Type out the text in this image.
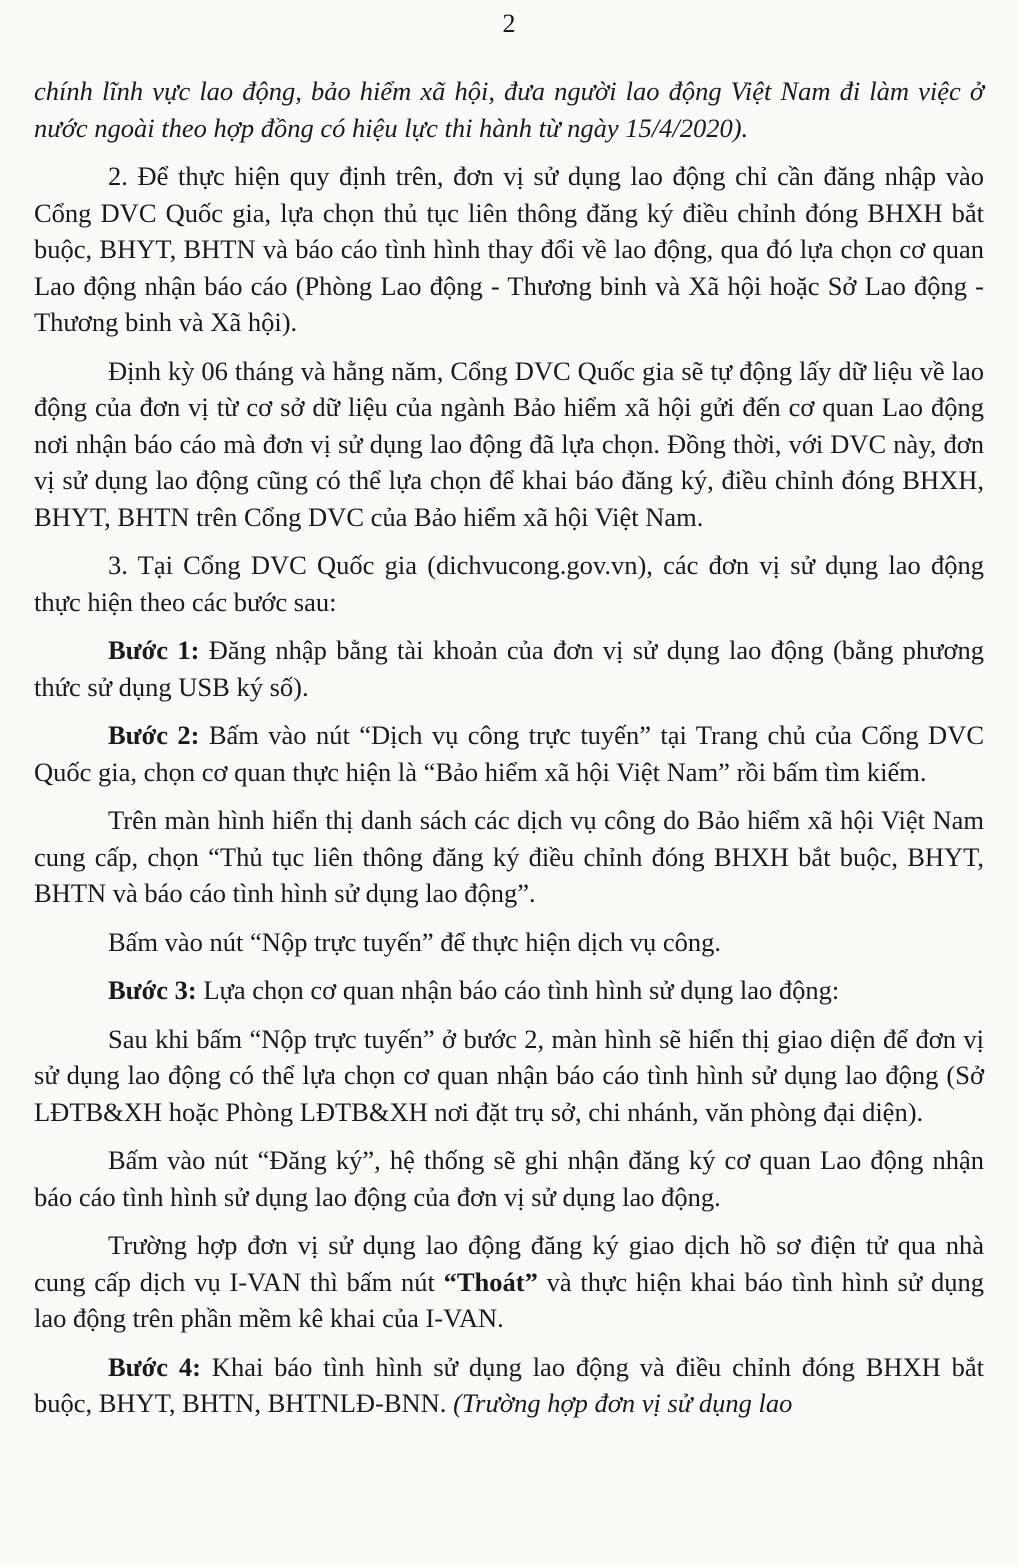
2

chính lĩnh vực lao động, bảo hiểm xã hội, đưa người lao động Việt Nam đi làm việc ở nước ngoài theo hợp đồng có hiệu lực thi hành từ ngày 15/4/2020).

2. Để thực hiện quy định trên, đơn vị sử dụng lao động chỉ cần đăng nhập vào Cổng DVC Quốc gia, lựa chọn thủ tục liên thông đăng ký điều chỉnh đóng BHXH bắt buộc, BHYT, BHTN và báo cáo tình hình thay đổi về lao động, qua đó lựa chọn cơ quan Lao động nhận báo cáo (Phòng Lao động - Thương binh và Xã hội hoặc Sở Lao động - Thương binh và Xã hội).

Định kỳ 06 tháng và hằng năm, Cổng DVC Quốc gia sẽ tự động lấy dữ liệu về lao động của đơn vị từ cơ sở dữ liệu của ngành Bảo hiểm xã hội gửi đến cơ quan Lao động nơi nhận báo cáo mà đơn vị sử dụng lao động đã lựa chọn. Đồng thời, với DVC này, đơn vị sử dụng lao động cũng có thể lựa chọn để khai báo đăng ký, điều chỉnh đóng BHXH, BHYT, BHTN trên Cổng DVC của Bảo hiểm xã hội Việt Nam.

3. Tại Cổng DVC Quốc gia (dichvucong.gov.vn), các đơn vị sử dụng lao động thực hiện theo các bước sau:

Bước 1: Đăng nhập bằng tài khoản của đơn vị sử dụng lao động (bằng phương thức sử dụng USB ký số).

Bước 2: Bấm vào nút “Dịch vụ công trực tuyến” tại Trang chủ của Cổng DVC Quốc gia, chọn cơ quan thực hiện là “Bảo hiểm xã hội Việt Nam” rồi bấm tìm kiếm.

Trên màn hình hiển thị danh sách các dịch vụ công do Bảo hiểm xã hội Việt Nam cung cấp, chọn “Thủ tục liên thông đăng ký điều chỉnh đóng BHXH bắt buộc, BHYT, BHTN và báo cáo tình hình sử dụng lao động”.

Bấm vào nút “Nộp trực tuyến” để thực hiện dịch vụ công.

Bước 3: Lựa chọn cơ quan nhận báo cáo tình hình sử dụng lao động:

Sau khi bấm “Nộp trực tuyến” ở bước 2, màn hình sẽ hiển thị giao diện để đơn vị sử dụng lao động có thể lựa chọn cơ quan nhận báo cáo tình hình sử dụng lao động (Sở LĐTB&XH hoặc Phòng LĐTB&XH nơi đặt trụ sở, chi nhánh, văn phòng đại diện).

Bấm vào nút “Đăng ký”, hệ thống sẽ ghi nhận đăng ký cơ quan Lao động nhận báo cáo tình hình sử dụng lao động của đơn vị sử dụng lao động.

Trường hợp đơn vị sử dụng lao động đăng ký giao dịch hồ sơ điện tử qua nhà cung cấp dịch vụ I-VAN thì bấm nút “Thoát” và thực hiện khai báo tình hình sử dụng lao động trên phần mềm kê khai của I-VAN.

Bước 4: Khai báo tình hình sử dụng lao động và điều chỉnh đóng BHXH bắt buộc, BHYT, BHTN, BHTNLĐ-BNN. (Trường hợp đơn vị sử dụng lao
